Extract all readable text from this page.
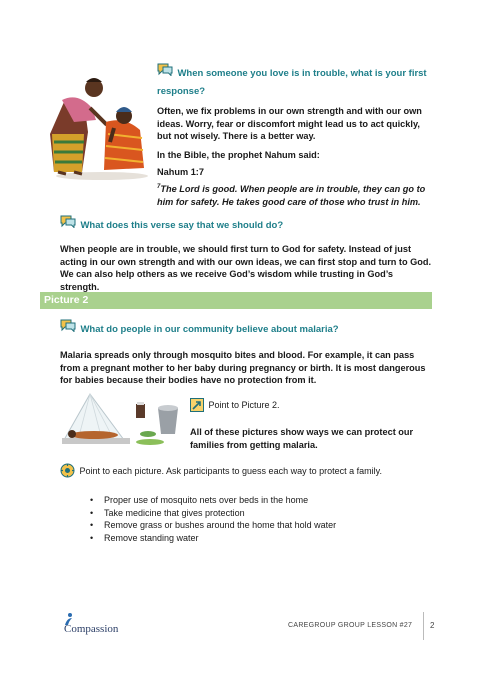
When someone you love is in trouble, what is your first response?

Often, we fix problems in our own strength and with our own ideas. Worry, fear or discomfort might lead us to act quickly, but not wisely. There is a better way.

In the Bible, the prophet Nahum said:

Nahum 1:7

$^7$The Lord is good. When people are in trouble, they can go to him for safety. He takes good care of those who trust in him.

What does this verse say that we should do?

When people are in trouble, we should first turn to God for safety. Instead of just acting in our own strength and with our own ideas, we can first stop and turn to God. We can also help others as we receive God’s wisdom while trusting in God’s strength.

Picture 2
What do people in our community believe about malaria?

Malaria spreads only through mosquito bites and blood. For example, it can pass from a pregnant mother to her baby during pregnancy or birth. It is most dangerous for babies because their bodies have no protection from it.

Point to Picture 2.

All of these pictures show ways we can protect our families from getting malaria.

Point to each picture. Ask participants to guess each way to protect a family.
• Proper use of mosquito nets over beds in the home
• Take medicine that gives protection
• Remove grass or bushes around the home that hold water
• Remove standing water
Compassion	CAREGROUP GROUP LESSON #27 2
